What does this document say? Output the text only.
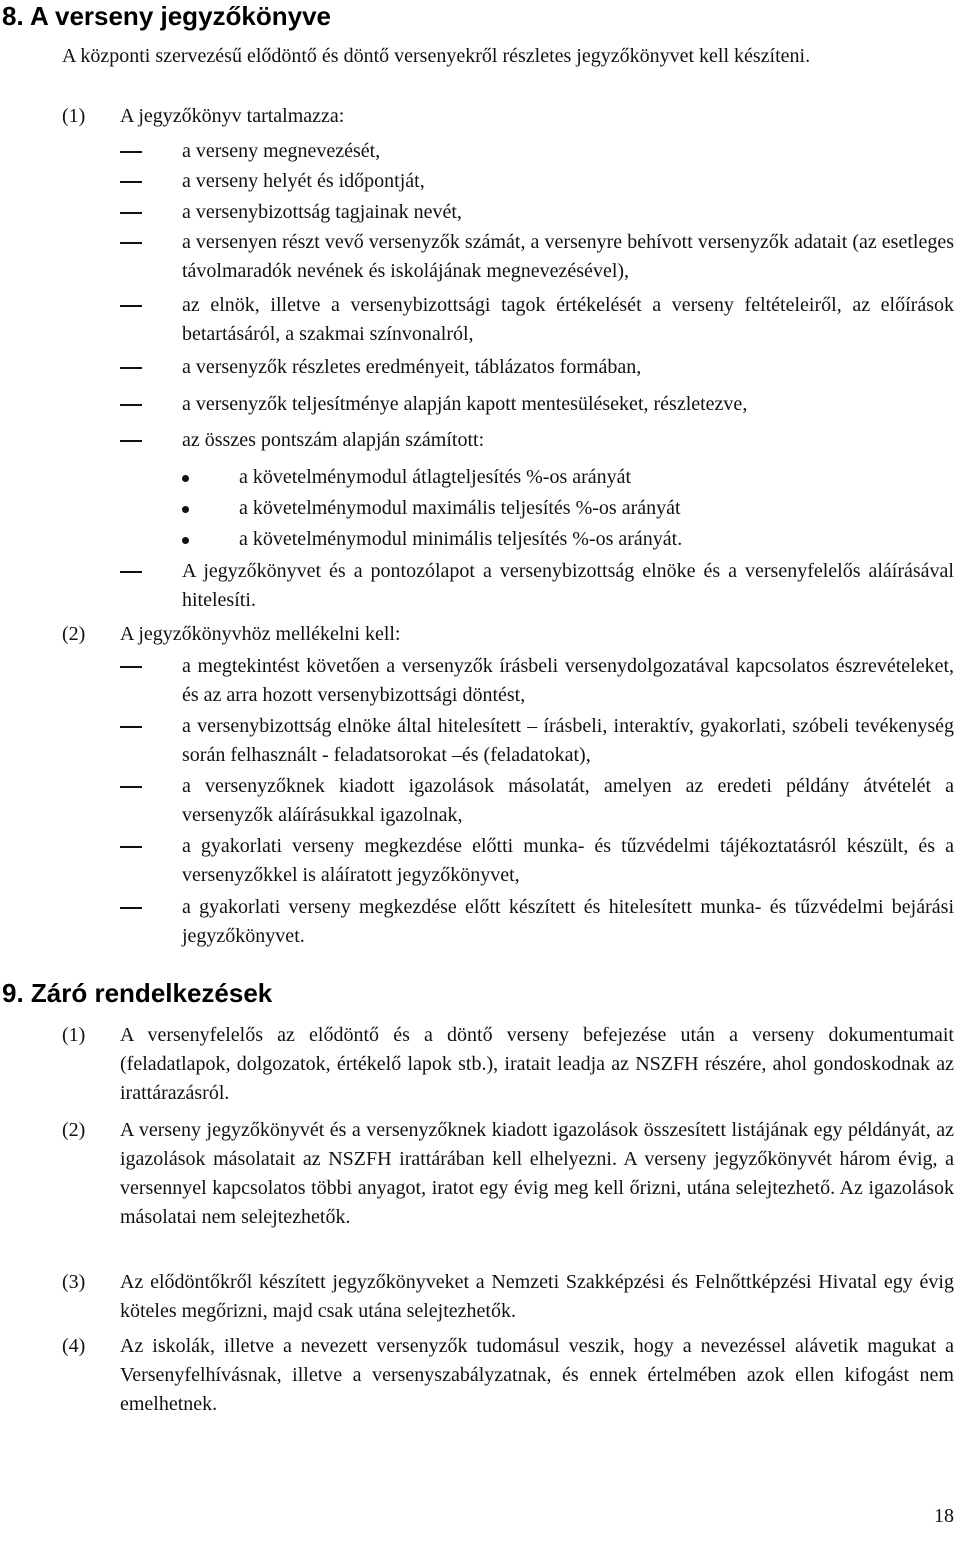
8. A verseny jegyzőkönyve
A központi szervezésű elődöntő és döntő versenyekről részletes jegyzőkönyvet kell készíteni.
(1)	A jegyzőkönyv tartalmazza:
a verseny megnevezését,
a verseny helyét és időpontját,
a versenybizottság tagjainak nevét,
a versenyen részt vevő versenyzők számát, a versenyre behívott versenyzők adatait (az esetleges távolmaradók nevének és iskolájának megnevezésével),
az elnök, illetve a versenybizottsági tagok értékelését a verseny feltételeiről, az előírások betartásáról, a szakmai színvonalról,
a versenyzők részletes eredményeit, táblázatos formában,
a versenyzők teljesítménye alapján kapott mentesüléseket, részletezve,
az összes pontszám alapján számított:
a követelménymodul átlagteljesítés %-os arányát
a követelménymodul maximális teljesítés %-os arányát
a követelménymodul minimális teljesítés %-os arányát.
A jegyzőkönyvet és a pontozólapot a versenybizottság elnöke és a versenyfelelős aláírásával hitelesíti.
(2)	A jegyzőkönyvhöz mellékelni kell:
a megtekintést követően a versenyzők írásbeli versenydolgozatával kapcsolatos észrevételeket, és az arra hozott versenybizottsági döntést,
a versenybizottság elnöke által hitelesített – írásbeli, interaktív, gyakorlati, szóbeli tevékenység során felhasznált - feladatsorokat –és (feladatokat),
a versenyzőknek kiadott igazolások másolatát, amelyen az eredeti példány átvételét a versenyzők aláírásukkal igazolnak,
a gyakorlati verseny megkezdése előtti munka- és tűzvédelmi tájékoztatásról készült, és a versenyzőkkel is aláíratott jegyzőkönyvet,
a gyakorlati verseny megkezdése előtt készített és hitelesített munka- és tűzvédelmi bejárási jegyzőkönyvet.
9. Záró rendelkezések
(1)	A versenyfelelős az elődöntő és a döntő verseny befejezése után a verseny dokumentumait (feladatlapok, dolgozatok, értékelő lapok stb.), iratait leadja az NSZFH részére, ahol gondoskodnak az irattárazásról.
(2)	A verseny jegyzőkönyvét és a versenyzőknek kiadott igazolások összesített listájának egy példányát, az igazolások másolatait az NSZFH irattárában kell elhelyezni. A verseny jegyzőkönyvét három évig, a versennyel kapcsolatos többi anyagot, iratot egy évig meg kell őrizni, utána selejtezhető. Az igazolások másolatai nem selejtezhetők.
(3)	Az elődöntőkről készített jegyzőkönyveket a Nemzeti Szakképzési és Felnőttképzési Hivatal egy évig köteles megőrizni, majd csak utána selejtezhetők.
(4)	Az iskolák, illetve a nevezett versenyzők tudomásul veszik, hogy a nevezéssel alávetik magukat a Versenyfelhívásnak, illetve a versenyszabályzatnak, és ennek értelmében azok ellen kifogást nem emelhetnek.
18
